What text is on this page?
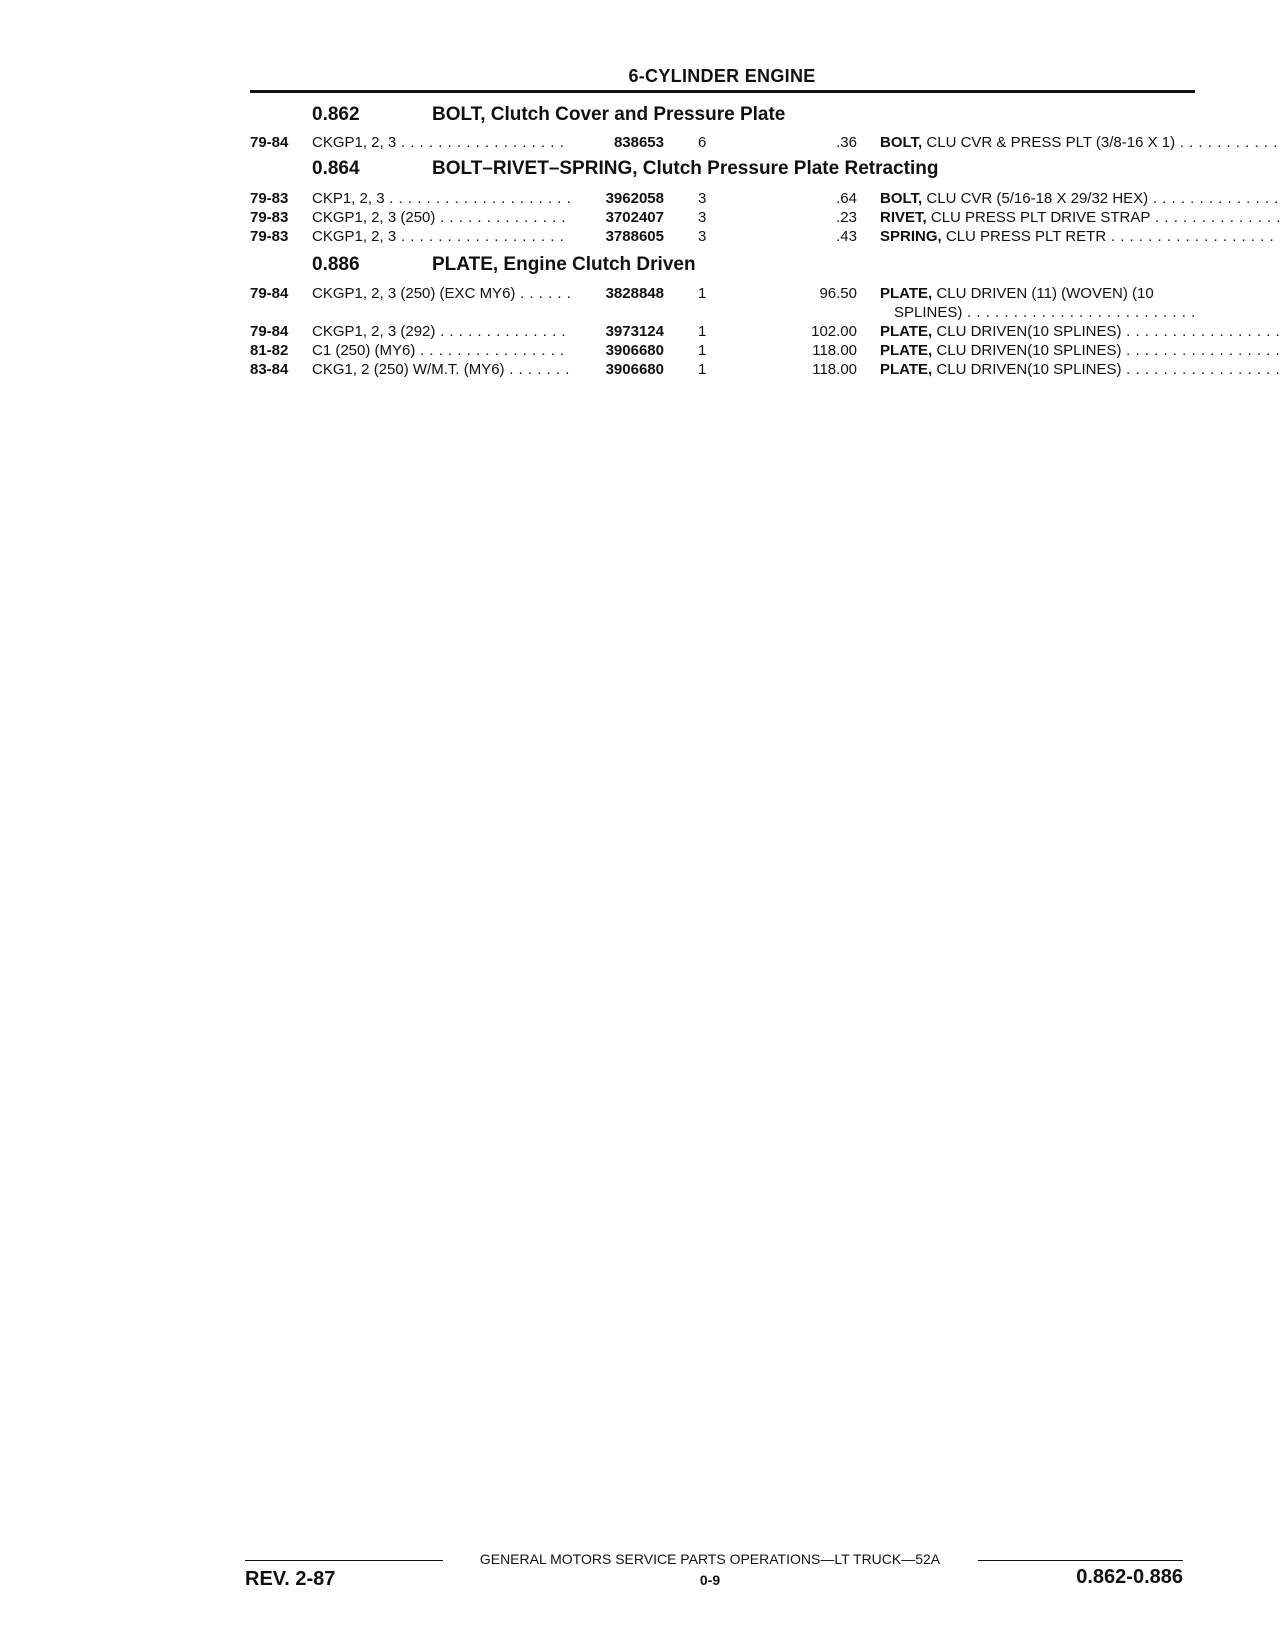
6-CYLINDER ENGINE
0.862	BOLT, Clutch Cover and Pressure Plate
79-84 CKGP1, 2, 3 . . .	838653 6	.36 BOLT, CLU CVR & PRESS PLT (3/8-16 X 1) . . .
0.864	BOLT–RIVET–SPRING, Clutch Pressure Plate Retracting
79-83 CKP1, 2, 3 . . .	3962058 3	.64 BOLT, CLU CVR (5/16-18 X 29/32 HEX) . . .
79-83 CKGP1, 2, 3 (250) . . .	3702407 3	.23 RIVET, CLU PRESS PLT DRIVE STRAP . . .
79-83 CKGP1, 2, 3 . . .	3788605 3	.43 SPRING, CLU PRESS PLT RETR . . .
0.886	PLATE, Engine Clutch Driven
79-84 CKGP1, 2, 3 (250) (EXC MY6) . . .	3828848 1	96.50 PLATE, CLU DRIVEN (11) (WOVEN) (10
SPLINES) . . .
79-84 CKGP1, 2, 3 (292) . . .	3973124 1	102.00 PLATE, CLU DRIVEN(10 SPLINES) . . .
81-82 C1 (250) (MY6) . . .	3906680 1	118.00 PLATE, CLU DRIVEN(10 SPLINES) . . .
83-84 CKG1, 2 (250) W/M.T. (MY6) . . .	3906680 1	118.00 PLATE, CLU DRIVEN(10 SPLINES) . . .
GENERAL MOTORS SERVICE PARTS OPERATIONS—LT TRUCK—52A
REV. 2-87	0-9	0.862-0.886
